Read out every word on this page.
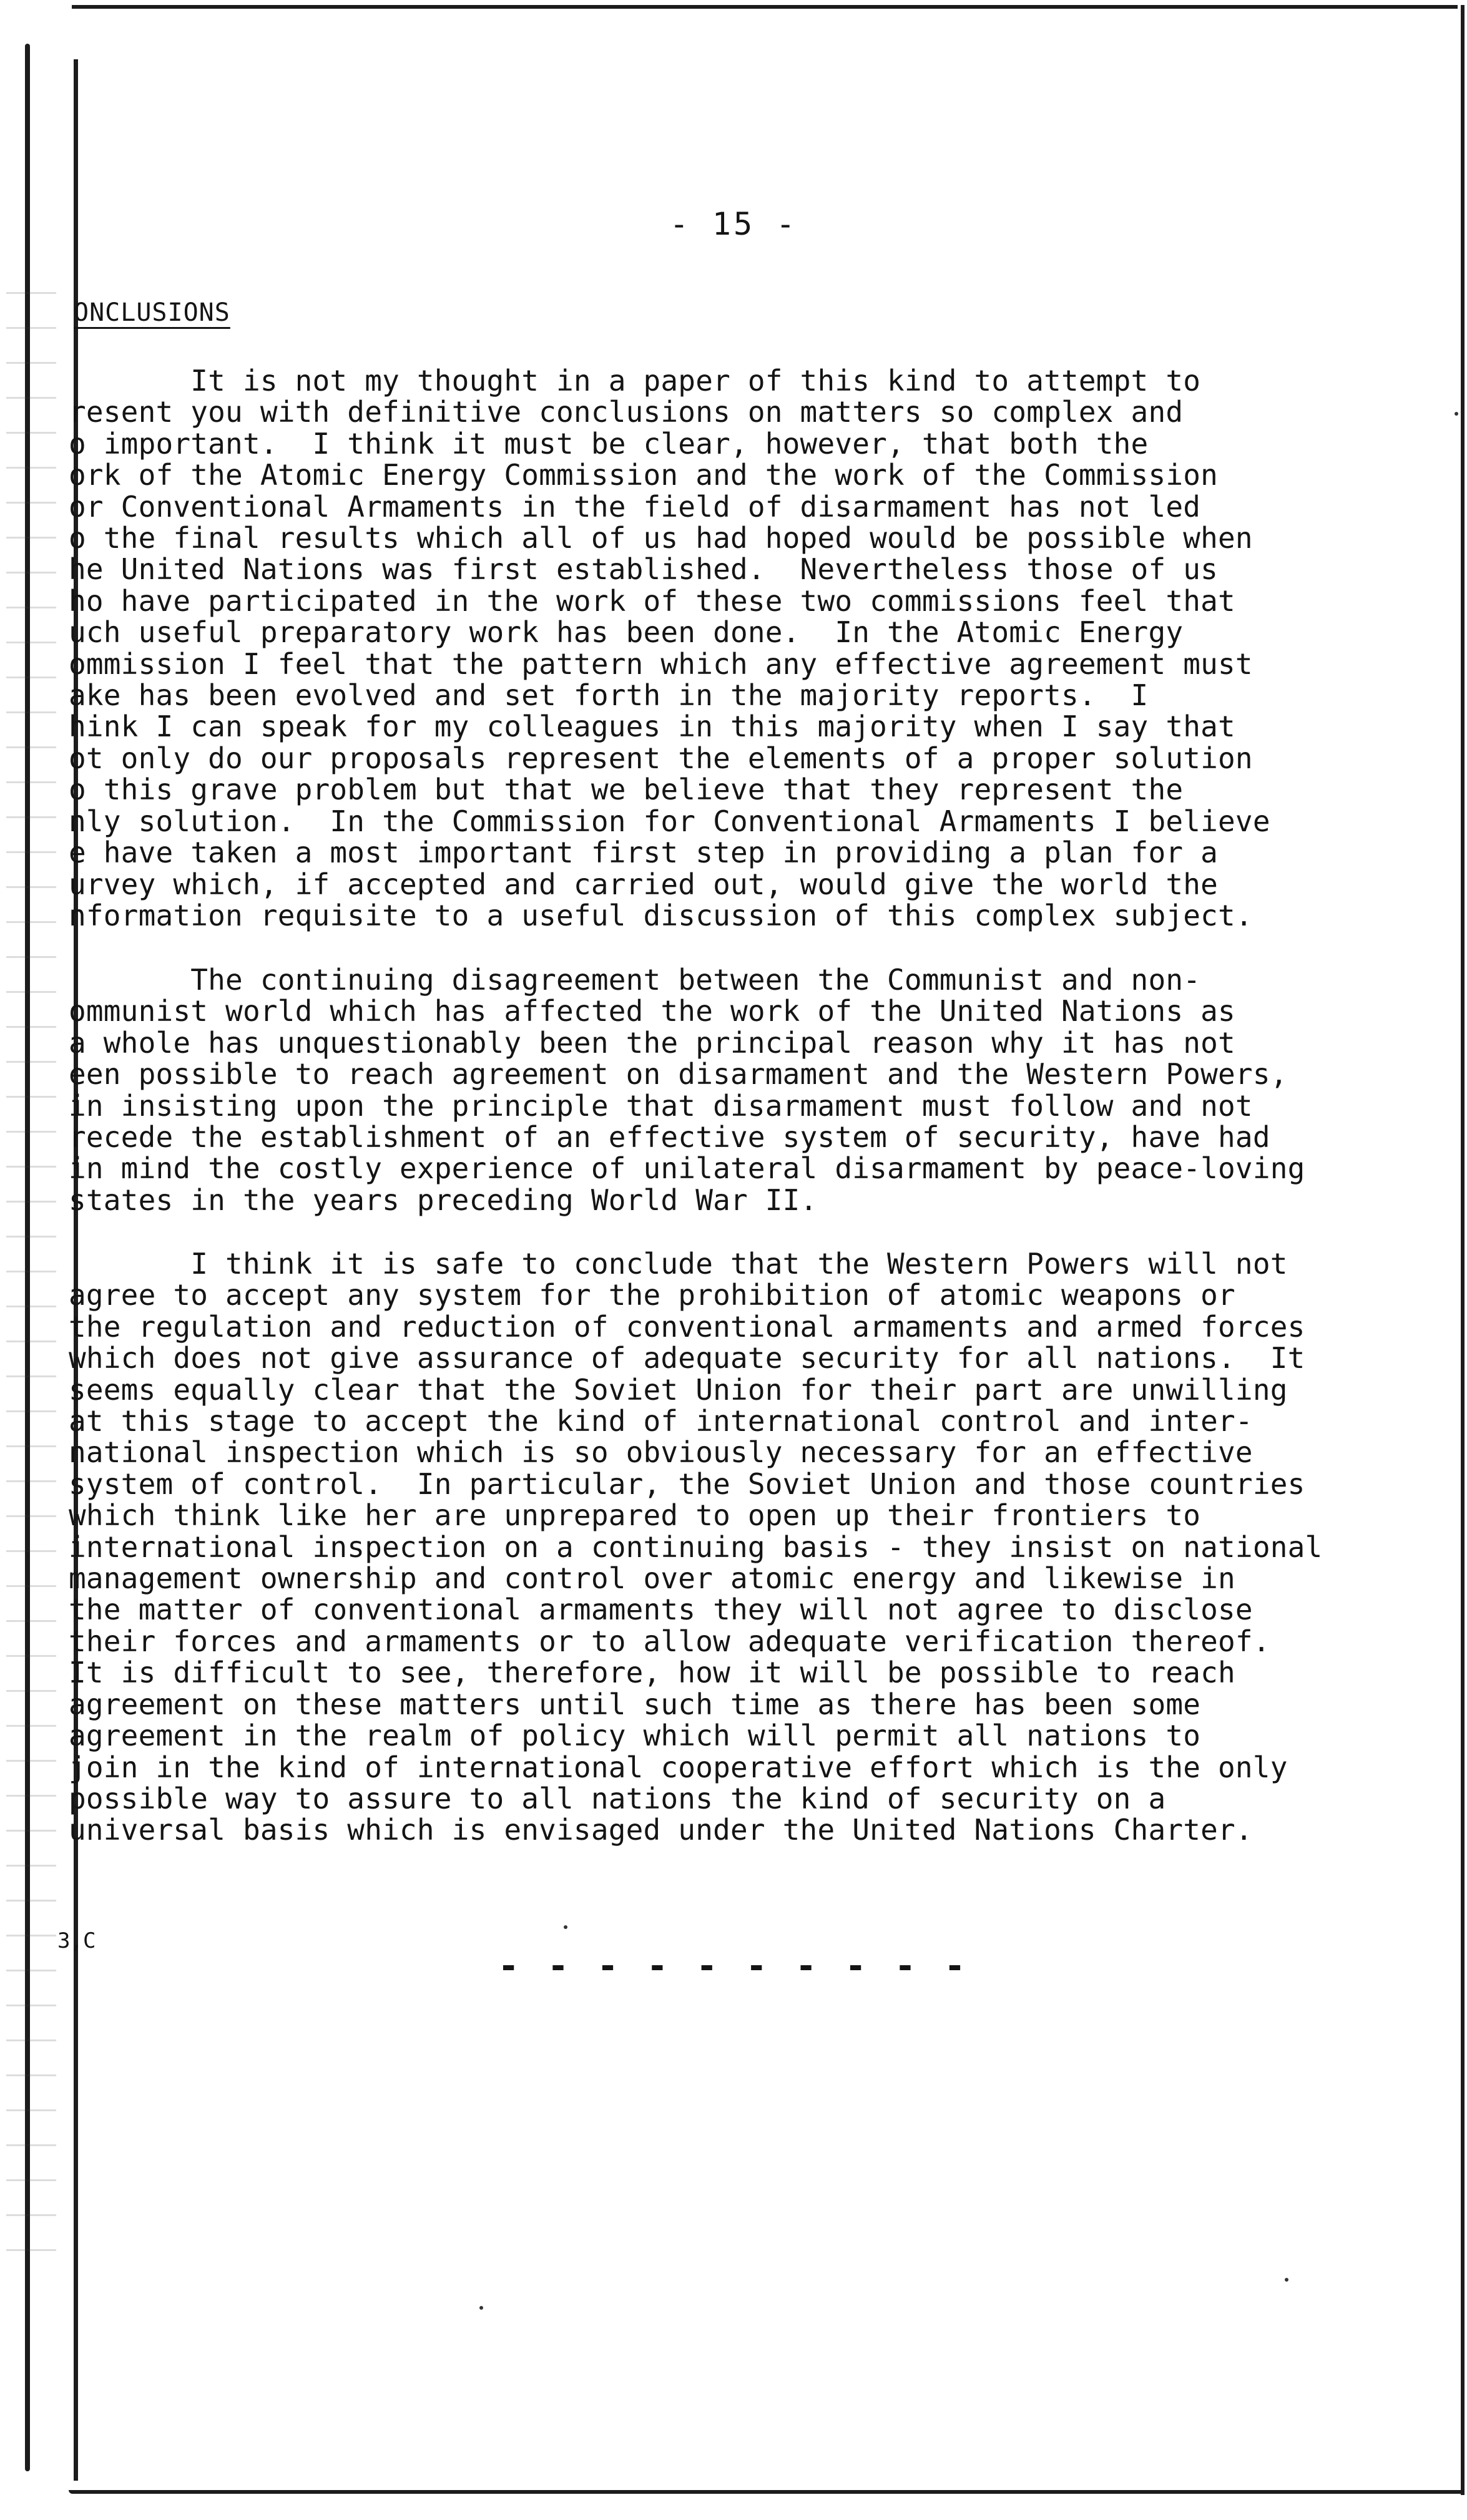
- 15 -
ONCLUSIONS
It is not my thought in a paper of this kind to attempt to
resent you with definitive conclusions on matters so complex and
o important.  I think it must be clear, however, that both the
ork of the Atomic Energy Commission and the work of the Commission
or Conventional Armaments in the field of disarmament has not led
o the final results which all of us had hoped would be possible when
he United Nations was first established.  Nevertheless those of us
ho have participated in the work of these two commissions feel that
uch useful preparatory work has been done.  In the Atomic Energy
ommission I feel that the pattern which any effective agreement must
ake has been evolved and set forth in the majority reports.  I
hink I can speak for my colleagues in this majority when I say that
ot only do our proposals represent the elements of a proper solution
o this grave problem but that we believe that they represent the
nly solution.  In the Commission for Conventional Armaments I believe
e have taken a most important first step in providing a plan for a
urvey which, if accepted and carried out, would give the world the
nformation requisite to a useful discussion of this complex subject.
The continuing disagreement between the Communist and non-
ommunist world which has affected the work of the United Nations as
a whole has unquestionably been the principal reason why it has not
een possible to reach agreement on disarmament and the Western Powers,
in insisting upon the principle that disarmament must follow and not
recede the establishment of an effective system of security, have had
in mind the costly experience of unilateral disarmament by peace-loving
states in the years preceding World War II.
I think it is safe to conclude that the Western Powers will not
agree to accept any system for the prohibition of atomic weapons or
the regulation and reduction of conventional armaments and armed forces
which does not give assurance of adequate security for all nations.  It
seems equally clear that the Soviet Union for their part are unwilling
at this stage to accept the kind of international control and inter-
national inspection which is so obviously necessary for an effective
system of control.  In particular, the Soviet Union and those countries
which think like her are unprepared to open up their frontiers to
international inspection on a continuing basis - they insist on national
management ownership and control over atomic energy and likewise in
the matter of conventional armaments they will not agree to disclose
their forces and armaments or to allow adequate verification thereof.
It is difficult to see, therefore, how it will be possible to reach
agreement on these matters until such time as there has been some
agreement in the realm of policy which will permit all nations to
join in the kind of international cooperative effort which is the only
possible way to assure to all nations the kind of security on a
universal basis which is envisaged under the United Nations Charter.
3,C
- - - - - - - - - -
